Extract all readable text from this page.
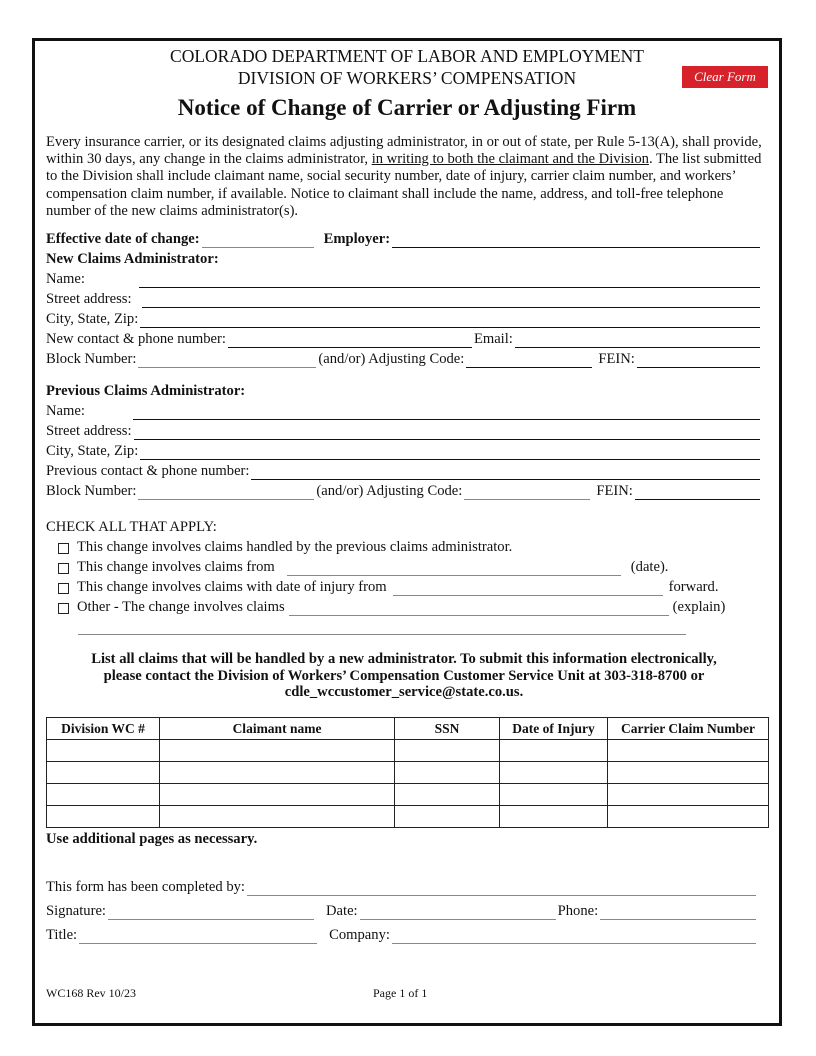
COLORADO DEPARTMENT OF LABOR AND EMPLOYMENT
DIVISION OF WORKERS’ COMPENSATION	Clear Form
Notice of Change of Carrier or Adjusting Firm
Every insurance carrier, or its designated claims adjusting administrator, in or out of state, per Rule 5-13(A), shall provide, within 30 days, any change in the claims administrator, in writing to both the claimant and the Division. The list submitted to the Division shall include claimant name, social security number, date of injury, carrier claim number, and workers’ compensation claim number, if available. Notice to claimant shall include the name, address, and toll-free telephone number of the new claims administrator(s).
Effective date of change:	Employer:
New Claims Administrator:
Name:
Street address:
City, State, Zip:
New contact & phone number:	Email:
Block Number:	(and/or) Adjusting Code:	FEIN:
Previous Claims Administrator:
Name:
Street address:
City, State, Zip:
Previous contact & phone number:
Block Number:	(and/or) Adjusting Code:	FEIN:
CHECK ALL THAT APPLY:
This change involves claims handled by the previous claims administrator.
This change involves claims from	(date).
This change involves claims with date of injury from	forward.
Other - The change involves claims	(explain)
List all claims that will be handled by a new administrator. To submit this information electronically,
please contact the Division of Workers’ Compensation Customer Service Unit at 303-318-8700 or
cdle_wccustomer_service@state.co.us.
Division WC #	Claimant name	SSN	Date of Injury	Carrier Claim Number

Use additional pages as necessary.
This form has been completed by:
Signature:	Date:	Phone:
Title:	Company:
WC168 Rev 10/23	Page 1 of 1
